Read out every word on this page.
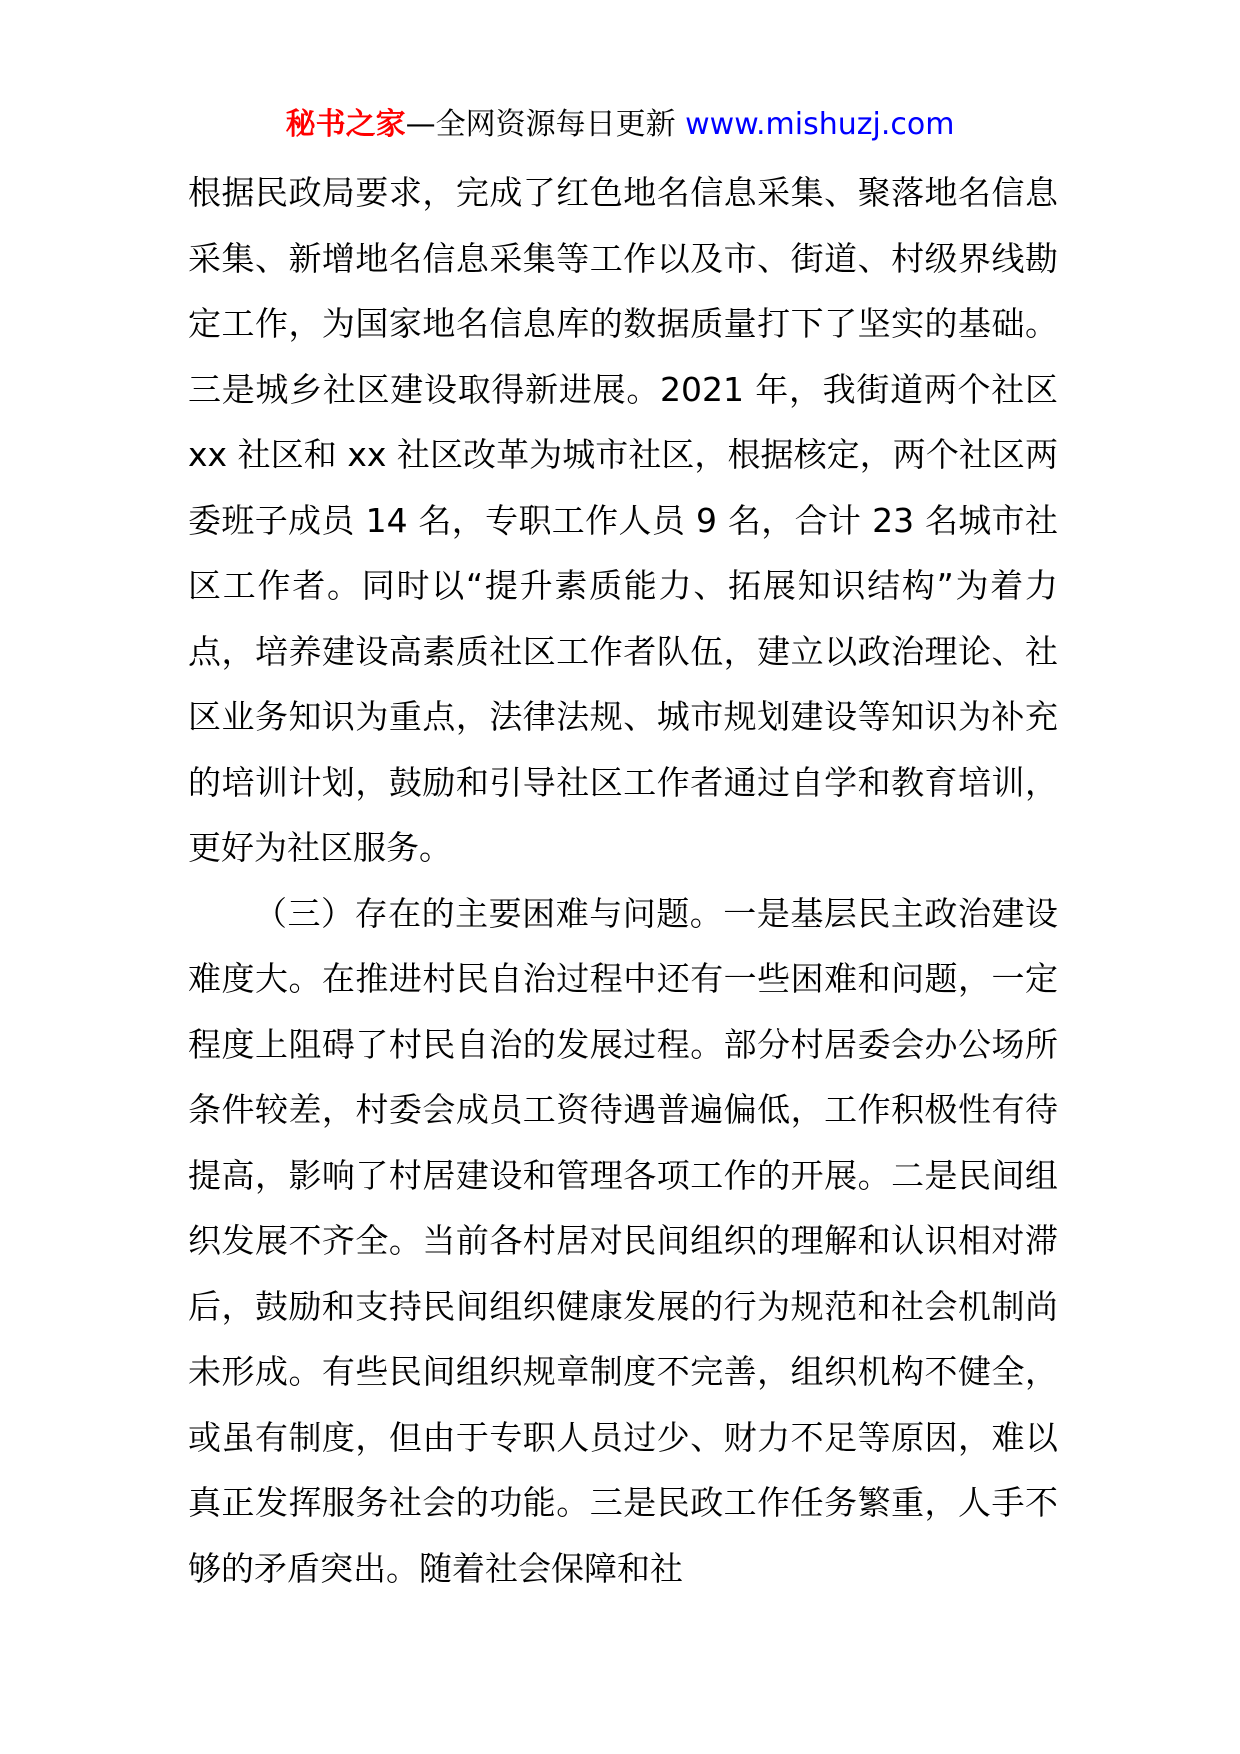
秘书之家—全网资源每日更新 www.mishuzj.com

根据民政局要求，完成了红色地名信息采集、聚落地名信息采集、新增地名信息采集等工作以及市、街道、村级界线勘定工作，为国家地名信息库的数据质量打下了坚实的基础。三是城乡社区建设取得新进展。2021 年，我街道两个社区 xx 社区和 xx 社区改革为城市社区，根据核定，两个社区两委班子成员 14 名，专职工作人员 9 名，合计 23 名城市社区工作者。同时以“提升素质能力、拓展知识结构”为着力点，培养建设高素质社区工作者队伍，建立以政治理论、社区业务知识为重点，法律法规、城市规划建设等知识为补充的培训计划，鼓励和引导社区工作者通过自学和教育培训，更好为社区服务。

（三）存在的主要困难与问题。一是基层民主政治建设难度大。在推进村民自治过程中还有一些困难和问题，一定程度上阻碍了村民自治的发展过程。部分村居委会办公场所条件较差，村委会成员工资待遇普遍偏低，工作积极性有待提高，影响了村居建设和管理各项工作的开展。二是民间组织发展不齐全。当前各村居对民间组织的理解和认识相对滞后，鼓励和支持民间组织健康发展的行为规范和社会机制尚未形成。有些民间组织规章制度不完善，组织机构不健全，或虽有制度，但由于专职人员过少、财力不足等原因，难以真正发挥服务社会的功能。三是民政工作任务繁重，人手不够的矛盾突出。随着社会保障和社
